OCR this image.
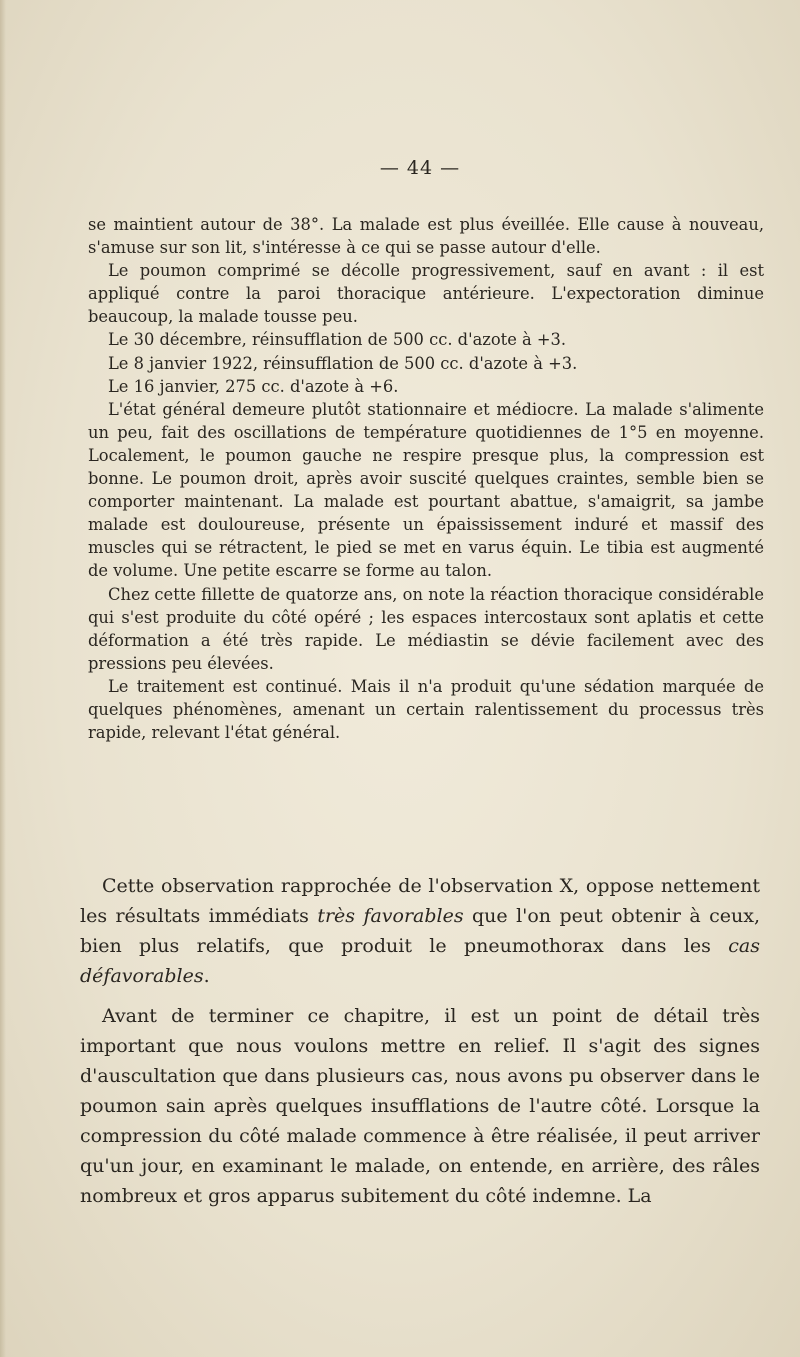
— 44 —

se maintient autour de 38°. La malade est plus éveillée. Elle cause à nouveau, s'amuse sur son lit, s'intéresse à ce qui se passe autour d'elle.

Le poumon comprimé se décolle progressivement, sauf en avant : il est appliqué contre la paroi thoracique antérieure. L'expectoration diminue beaucoup, la malade tousse peu.

Le 30 décembre, réinsufflation de 500 cc. d'azote à +3.

Le 8 janvier 1922, réinsufflation de 500 cc. d'azote à +3.

Le 16 janvier, 275 cc. d'azote à +6.

L'état général demeure plutôt stationnaire et médiocre. La malade s'alimente un peu, fait des oscillations de température quotidiennes de 1°5 en moyenne. Localement, le poumon gauche ne respire presque plus, la compression est bonne. Le poumon droit, après avoir suscité quelques craintes, semble bien se comporter maintenant. La malade est pourtant abattue, s'amaigrit, sa jambe malade est douloureuse, présente un épaississement induré et massif des muscles qui se rétractent, le pied se met en varus équin. Le tibia est augmenté de volume. Une petite escarre se forme au talon.

Chez cette fillette de quatorze ans, on note la réaction thoracique considérable qui s'est produite du côté opéré ; les espaces intercostaux sont aplatis et cette déformation a été très rapide. Le médiastin se dévie facilement avec des pressions peu élevées.

Le traitement est continué. Mais il n'a produit qu'une sédation marquée de quelques phénomènes, amenant un certain ralentissement du processus très rapide, relevant l'état général.

Cette observation rapprochée de l'observation X, oppose nettement les résultats immédiats très favorables que l'on peut obtenir à ceux, bien plus relatifs, que produit le pneumothorax dans les cas défavorables.

Avant de terminer ce chapitre, il est un point de détail très important que nous voulons mettre en relief. Il s'agit des signes d'auscultation que dans plusieurs cas, nous avons pu observer dans le poumon sain après quelques insufflations de l'autre côté. Lorsque la compression du côté malade commence à être réalisée, il peut arriver qu'un jour, en examinant le malade, on entende, en arrière, des râles nombreux et gros apparus subitement du côté indemne. La
